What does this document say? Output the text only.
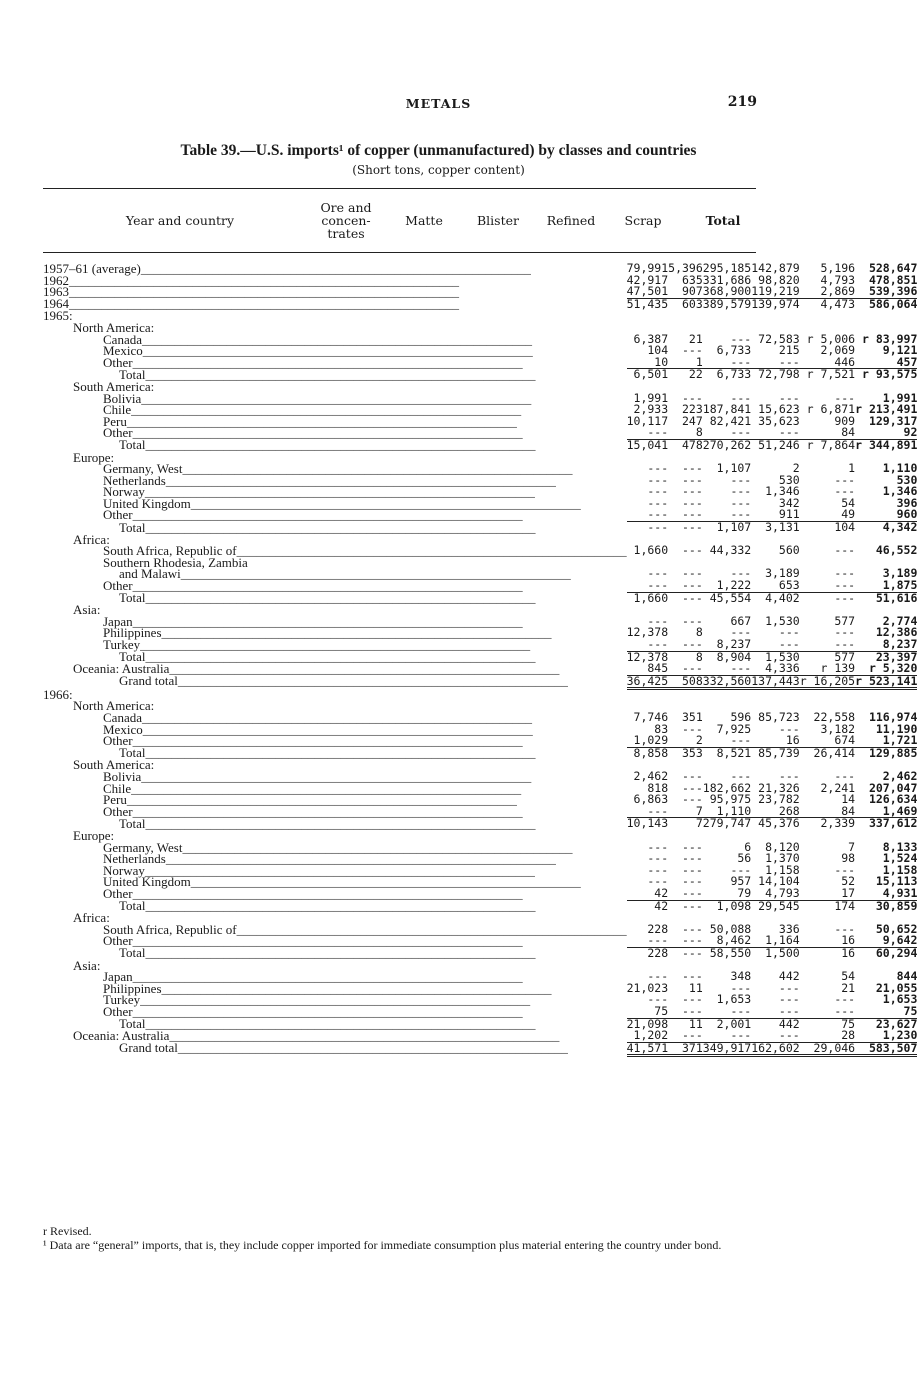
METALS	219
Table 39.—U.S. imports¹ of copper (unmanufactured) by classes and countries
(Short tons, copper content)
Year and country
Ore and concen- trates
Matte	Blister	Refined	Scrap	Total
1957–61 (average)____________________________________________________________	79,991	5,396	295,185	142,879	5,196	528,647
1962____________________________________________________________	42,917	635	331,686	98,820	4,793	478,851
1963____________________________________________________________	47,501	907	368,900	119,219	2,869	539,396
1964____________________________________________________________	51,435	603	389,579	139,974	4,473	586,064
1965:						
North America:						
Canada____________________________________________________________	6,387	21	---	72,583	r 5,006	r 83,997
Mexico____________________________________________________________	104	---	6,733	215	2,069	9,121
Other____________________________________________________________	10	1	---	---	446	457
Total____________________________________________________________	6,501	22	6,733	72,798	r 7,521	r 93,575
South America:						
Bolivia____________________________________________________________	1,991	---	---	---	---	1,991
Chile____________________________________________________________	2,933	223	187,841	15,623	r 6,871	r 213,491
Peru____________________________________________________________	10,117	247	82,421	35,623	909	129,317
Other____________________________________________________________	---	8	---	---	84	92
Total____________________________________________________________	15,041	478	270,262	51,246	r 7,864	r 344,891
Europe:						
Germany, West____________________________________________________________	---	---	1,107	2	1	1,110
Netherlands____________________________________________________________	---	---	---	530	---	530
Norway____________________________________________________________	---	---	---	1,346	---	1,346
United Kingdom____________________________________________________________	---	---	---	342	54	396
Other____________________________________________________________	---	---	---	911	49	960
Total____________________________________________________________	---	---	1,107	3,131	104	4,342
Africa:						
South Africa, Republic of____________________________________________________________	1,660	---	44,332	560	---	46,552
Southern Rhodesia, Zambia						
and Malawi____________________________________________________________	---	---	---	3,189	---	3,189
Other____________________________________________________________	---	---	1,222	653	---	1,875
Total____________________________________________________________	1,660	---	45,554	4,402	---	51,616
Asia:						
Japan____________________________________________________________	---	---	667	1,530	577	2,774
Philippines____________________________________________________________	12,378	8	---	---	---	12,386
Turkey____________________________________________________________	---	---	8,237	---	---	8,237
Total____________________________________________________________	12,378	8	8,904	1,530	577	23,397
Oceania: Australia____________________________________________________________	845	---	---	4,336	r 139	r 5,320
Grand total____________________________________________________________	36,425	508	332,560	137,443	r 16,205	r 523,141
1966:						
North America:						
Canada____________________________________________________________	7,746	351	596	85,723	22,558	116,974
Mexico____________________________________________________________	83	---	7,925	---	3,182	11,190
Other____________________________________________________________	1,029	2	---	16	674	1,721
Total____________________________________________________________	8,858	353	8,521	85,739	26,414	129,885
South America:						
Bolivia____________________________________________________________	2,462	---	---	---	---	2,462
Chile____________________________________________________________	818	---	182,662	21,326	2,241	207,047
Peru____________________________________________________________	6,863	---	95,975	23,782	14	126,634
Other____________________________________________________________	---	7	1,110	268	84	1,469
Total____________________________________________________________	10,143	7	279,747	45,376	2,339	337,612
Europe:						
Germany, West____________________________________________________________	---	---	6	8,120	7	8,133
Netherlands____________________________________________________________	---	---	56	1,370	98	1,524
Norway____________________________________________________________	---	---	---	1,158	---	1,158
United Kingdom____________________________________________________________	---	---	957	14,104	52	15,113
Other____________________________________________________________	42	---	79	4,793	17	4,931
Total____________________________________________________________	42	---	1,098	29,545	174	30,859
Africa:						
South Africa, Republic of____________________________________________________________	228	---	50,088	336	---	50,652
Other____________________________________________________________	---	---	8,462	1,164	16	9,642
Total____________________________________________________________	228	---	58,550	1,500	16	60,294
Asia:						
Japan____________________________________________________________	---	---	348	442	54	844
Philippines____________________________________________________________	21,023	11	---	---	21	21,055
Turkey____________________________________________________________	---	---	1,653	---	---	1,653
Other____________________________________________________________	75	---	---	---	---	75
Total____________________________________________________________	21,098	11	2,001	442	75	23,627
Oceania: Australia____________________________________________________________	1,202	---	---	---	28	1,230
Grand total____________________________________________________________	41,571	371	349,917	162,602	29,046	583,507
r Revised.
¹ Data are “general” imports, that is, they include copper imported for immediate consumption plus material entering the country under bond.
